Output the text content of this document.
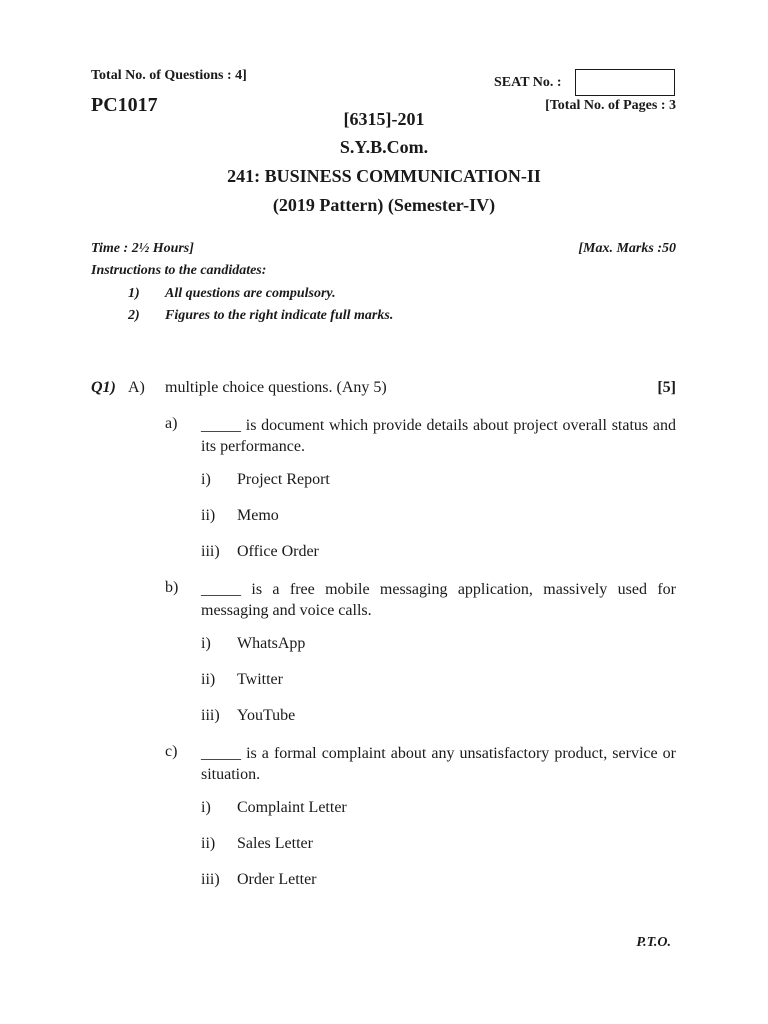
Total No. of Questions : 4]
PC1017
SEAT No. :
[Total No. of Pages : 3
[6315]-201
S.Y.B.Com.
241: BUSINESS COMMUNICATION-II
(2019 Pattern) (Semester-IV)
Time : 2½ Hours]	[Max. Marks :50
Instructions to the candidates:
1) All questions are compulsory.
2) Figures to the right indicate full marks.
Q1) A) multiple choice questions. (Any 5)	[5]
a) _____ is document which provide details about project overall status and its performance.
i) Project Report
ii) Memo
iii) Office Order
b) _____ is a free mobile messaging application, massively used for messaging and voice calls.
i) WhatsApp
ii) Twitter
iii) YouTube
c) _____ is a formal complaint about any unsatisfactory product, service or situation.
i) Complaint Letter
ii) Sales Letter
iii) Order Letter
P.T.O.
